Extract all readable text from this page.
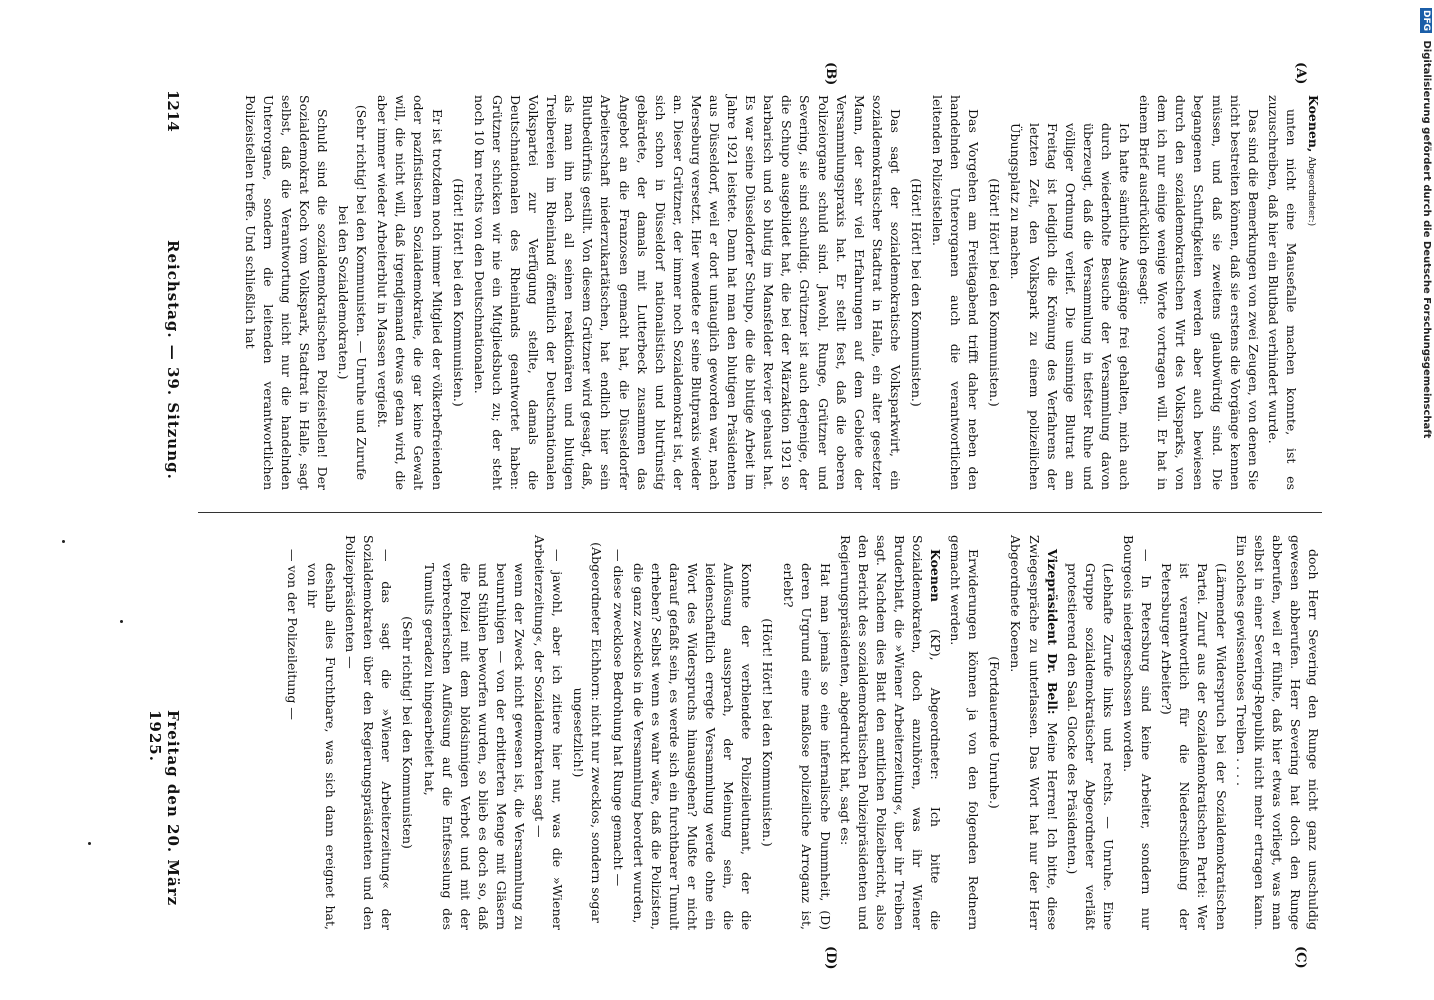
1214
Reichstag. — 39. Sitzung.
Freitag den 20. März 1925.
(A)
(B)
(C)
(D)

Koenen, Abgeordneter:)

unten nicht eine Mausefalle machen konnte, ist es zuzuschreiben, daß hier ein Blutbad verhindert wurde.

Das sind die Bemerkungen von zwei Zeugen, von denen Sie nicht bestreiten können, daß sie erstens die Vorgänge kennen müssen, und daß sie zweitens glaubwürdig sind. Die begangenen Schuftigkeiten werden aber auch bewiesen durch den sozialdemokratischen Wirt des Volksparks, von dem ich nur einige wenige Worte vortragen will. Er hat in einem Brief ausdrücklich gesagt:

Ich hatte sämtliche Ausgänge frei gehalten, mich auch durch wiederholte Besuche der Versammlung davon überzeugt, daß die Versammlung in tiefster Ruhe und völliger Ordnung verlief. Die unsinnige Blutrat am Freitag ist lediglich die Krönung des Verfahrens der letzten Zeit, den Volkspark zu einem polizeilichen Übungsplatz zu machen.

(Hört! Hört! bei den Kommunisten.)

Das Vorgehen am Freitagabend trifft daher neben den handelnden Unterorganen auch die verantwortlichen leitenden Polizeistellen.

(Hört! Hört! bei den Kommunisten.)

Das sagt der sozialdemokratische Volksparkwirt, ein sozialdemokratischer Stadtrat in Halle, ein alter gesetzter Mann, der sehr viel Erfahrungen auf dem Gebiete der Versammlungspraxis hat. Er stellt fest, daß die oberen Polizeiorgane schuld sind. Jawohl, Runge, Grützner und Severing, sie sind schuldig. Grützner ist auch derjenige, der die Schupo ausgebildet hat, die bei der Märzaktion 1921 so barbarisch und so blutig im Mansfelder Revier gehaust hat. Es war seine Düsseldorfer Schupo, die die blutige Arbeit im Jahre 1921 leistete. Dann hat man den blutigen Präsidenten aus Düsseldorf, weil er dort untauglich geworden war, nach Merseburg versetzt. Hier wendete er seine Blutpraxis wieder an. Dieser Grützner, der immer noch Sozialdemokrat ist, der sich schon in Düsseldorf nationalistisch und blutrünstig gebärdete, der damals mit Lutterbeck zusammen das Angebot an die Franzosen gemacht hat, die Düsseldorfer Arbeiterschaft niederzukartätschen, hat endlich hier sein Blutbedürfnis gestillt. Von diesem Grützner wird gesagt, daß, als man ihn nach all seinen reaktionären und blutigen Treibereien im Rheinland öffentlich der Deutschnationalen Volkspartei zur Verfügung stellte, damals die Deutschnationalen des Rheinlands geantwortet haben: Grützner schicken wir nie ein Mitgliedsbuch zu; der steht noch 10 km rechts von den Deutschnationalen.

(Hört! Hört! bei den Kommunisten.)

Er ist trotzdem noch immer Mitglied der völkerbefreienden oder pazifistischen Sozialdemokratie, die gar keine Gewalt will, die nicht will, daß irgendjemand etwas getan wird, die aber immer wieder Arbeiterblut in Massen vergießt.

(Sehr richtig! bei den Kommunisten. — Unruhe und Zurufe bei den Sozialdemokraten.)

Schuld sind die sozialdemokratischen Polizeistellen! Der Sozialdemokrat Koch vom Volkspark, Stadtrat in Halle, sagt selbst, daß die Verantwortung nicht nur die handelnden Unterorgane, sondern die leitenden verantwortlichen Polizeistellen treffe. Und schließlich hat

doch Herr Severing den Runge nicht ganz unschuldig gewesen abberufen. Herr Severing hat doch den Runge abberufen, weil er fühlte, daß hier etwas vorliegt, was man selbst in einer Severing-Republik nicht mehr ertragen kann. Ein solches gewissenloses Treiben . . . .

(Lärmender Widerspruch bei der Sozialdemokratischen Partei. Zuruf aus der Sozialdemokratischen Partei: Wer ist verantwortlich für die Niederschießung der Petersburger Arbeiter?)

— In Petersburg sind keine Arbeiter, sondern nur Bourgeois niedergeschossen worden.

(Lebhafte Zurufe links und rechts. — Unruhe. Eine Gruppe sozialdemokratischer Abgeordneter verläßt protestierend den Saal. Glocke des Präsidenten.)

Vizepräsident Dr. Bell: Meine Herren! Ich bitte, diese Zwiegespräche zu unterlassen. Das Wort hat nur der Herr Abgeordnete Koenen.

(Fortdauernde Unruhe.)

Erwiderungen können ja von den folgenden Rednern gemacht werden.

Koenen (KP), Abgeordneter: Ich bitte die Sozialdemokraten, doch anzuhören, was ihr Wiener Bruderblatt, die »Wiener Arbeiterzeitung«, über ihr Treiben sagt. Nachdem dies Blatt den amtlichen Polizeibericht, also den Bericht des sozialdemokratischen Polizeipräsidenten und Regierungspräsidenten, abgedruckt hat, sagt es:

Hat man jemals so eine infernalische Dummheit, (D) deren Urgrund eine maßlose polizeiliche Arroganz ist, erlebt?

(Hört! Hört! bei den Kommunisten.)

Konnte der verblendete Polizeileutnant, der die Auflösung aussprach, der Meinung sein, die leidenschaftlich erregte Versammlung werde ohne ein Wort des Widerspruchs hinausgehen? Mußte er nicht darauf gefaßt sein, es werde sich ein furchtbarer Tumult erheben? Selbst wenn es wahr wäre, daß die Polizisten, die ganz zwecklos in die Versammlung beordert wurden,

— diese zwecklose Bedrohung hat Runge gemacht —

(Abgeordneter Eichhorn: nicht nur zwecklos, sondern sogar ungesetzlich!)

— jawohl, aber ich zitiere hier nur, was die »Wiener Arbeiterzeitung«, der Sozialdemokraten sagt —

wenn der Zweck nicht gewesen ist, die Versammlung zu beunruhigen — von der erbitterten Menge mit Gläsern und Stühlen beworfen wurden, so blieb es doch so, daß die Polizei mit dem blödsinnigen Verbot und mit der verbrecherischen Auflösung auf die Entfesselung des Tumults geradezu hingearbeitet hat,

(Sehr richtig! bei den Kommunisten)

— das sagt die »Wiener Arbeiterzeitung« der Sozialdemokraten über den Regierungspräsidenten und den Polizeipräsidenten —

deshalb alles Furchtbare, was sich dann ereignet hat, von ihr

— von der Polizeileitung —

DFG Digitalisierung gefördert durch die Deutsche Forschungsgemeinschaft
